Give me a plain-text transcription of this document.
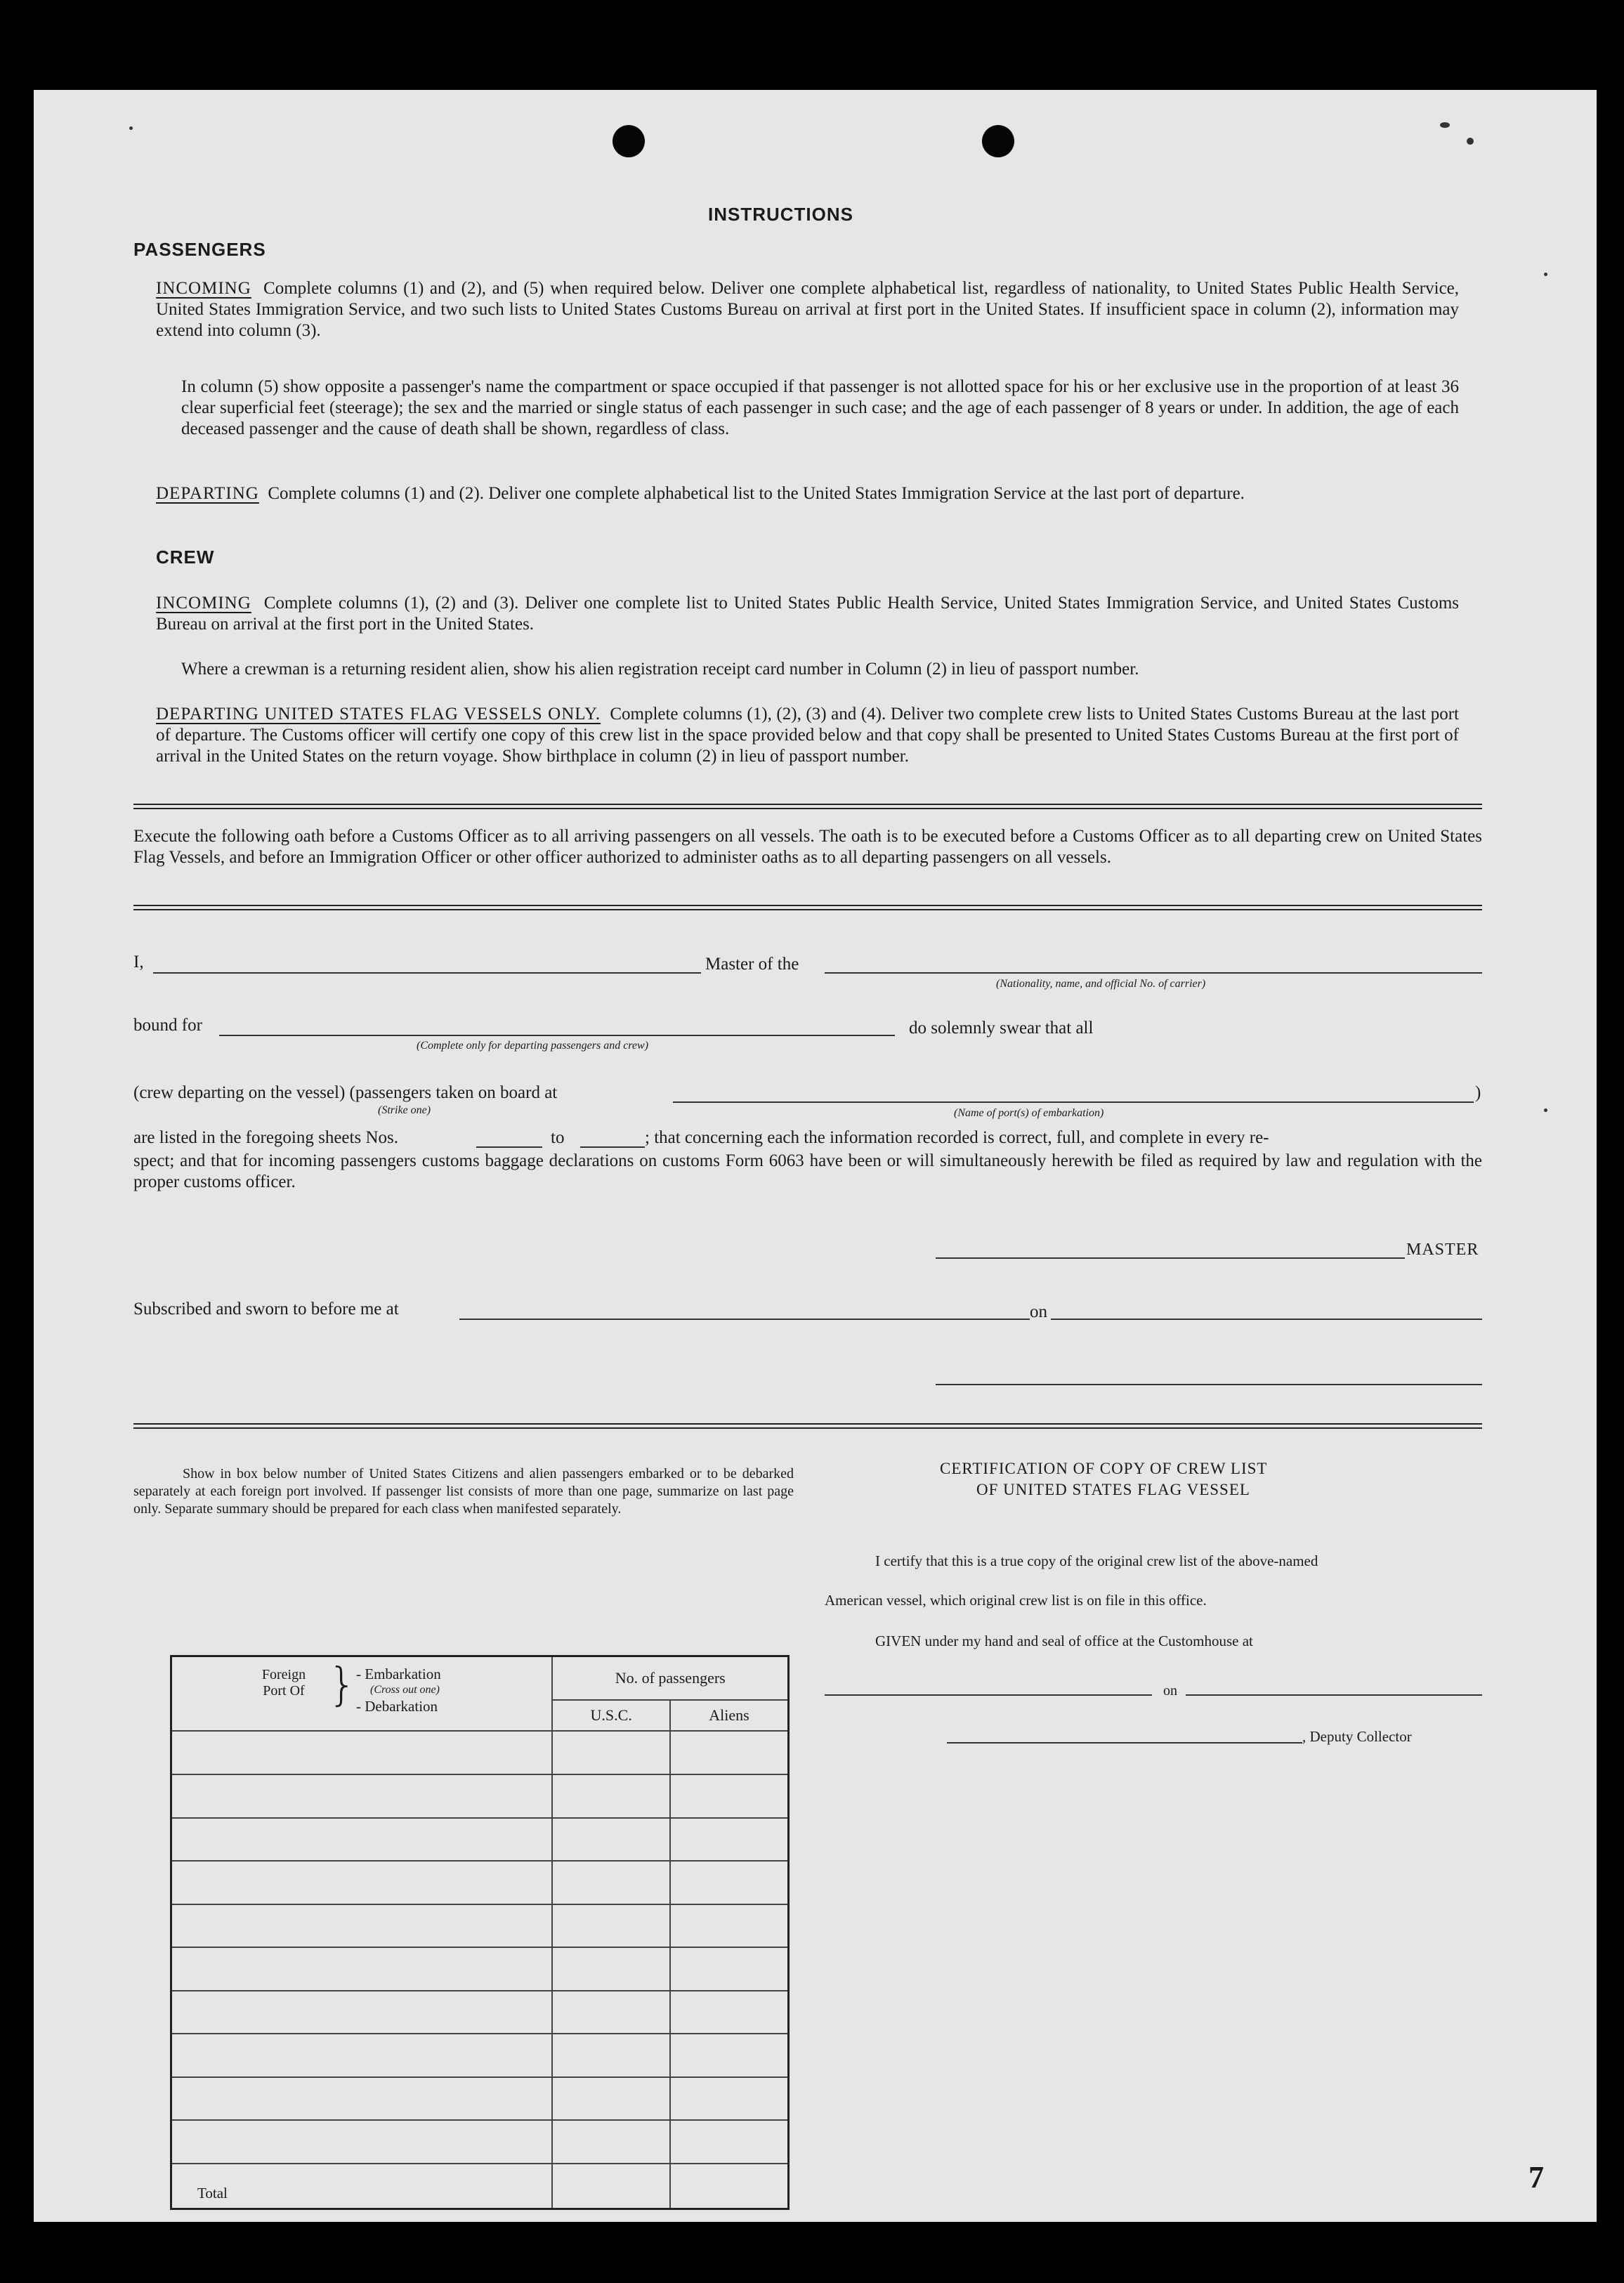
INSTRUCTIONS
PASSENGERS
INCOMING Complete columns (1) and (2), and (5) when required below. Deliver one complete alphabetical list, regardless of nationality, to United States Public Health Service, United States Immigration Service, and two such lists to United States Customs Bureau on arrival at first port in the United States. If insufficient space in column (2), information may extend into column (3).
In column (5) show opposite a passenger's name the compartment or space occupied if that passenger is not allotted space for his or her exclusive use in the proportion of at least 36 clear superficial feet (steerage); the sex and the married or single status of each passenger in such case; and the age of each passenger of 8 years or under. In addition, the age of each deceased passenger and the cause of death shall be shown, regardless of class.
DEPARTING Complete columns (1) and (2). Deliver one complete alphabetical list to the United States Immigration Service at the last port of departure.
CREW
INCOMING Complete columns (1), (2) and (3). Deliver one complete list to United States Public Health Service, United States Immigration Service, and United States Customs Bureau on arrival at the first port in the United States.
Where a crewman is a returning resident alien, show his alien registration receipt card number in Column (2) in lieu of passport number.
DEPARTING UNITED STATES FLAG VESSELS ONLY. Complete columns (1), (2), (3) and (4). Deliver two complete crew lists to United States Customs Bureau at the last port of departure. The Customs officer will certify one copy of this crew list in the space provided below and that copy shall be presented to United States Customs Bureau at the first port of arrival in the United States on the return voyage. Show birthplace in column (2) in lieu of passport number.
Execute the following oath before a Customs Officer as to all arriving passengers on all vessels. The oath is to be executed before a Customs Officer as to all departing crew on United States Flag Vessels, and before an Immigration Officer or other officer authorized to administer oaths as to all departing passengers on all vessels.
I,	Master of the
(Nationality, name, and official No. of carrier)
bound for
(Complete only for departing passengers and crew)
do solemnly swear that all
(crew departing on the vessel) (passengers taken on board at	)
(Strike one)	(Name of port(s) of embarkation)
are listed in the foregoing sheets Nos.	to	; that concerning each the information recorded is correct, full, and complete in every re-
spect; and that for incoming passengers customs baggage declarations on customs Form 6063 have been or will simultaneously herewith be filed as required by law and regulation with the proper customs officer.
MASTER
Subscribed and sworn to before me at	on
Show in box below number of United States Citizens and alien passengers embarked or to be debarked separately at each foreign port involved. If passenger list consists of more than one page, summarize on last page only. Separate summary should be prepared for each class when manifested separately.
CERTIFICATION OF COPY OF CREW LIST
OF UNITED STATES FLAG VESSEL
I certify that this is a true copy of the original crew list of the above-named
American vessel, which original crew list is on file in this office.
GIVEN under my hand and seal of office at the Customhouse at
on
, Deputy Collector
Foreign Port Of } - Embarkation
(Cross out one)
- Debarkation	No. of passengers	
	U.S.C.	Aliens

Total			7
